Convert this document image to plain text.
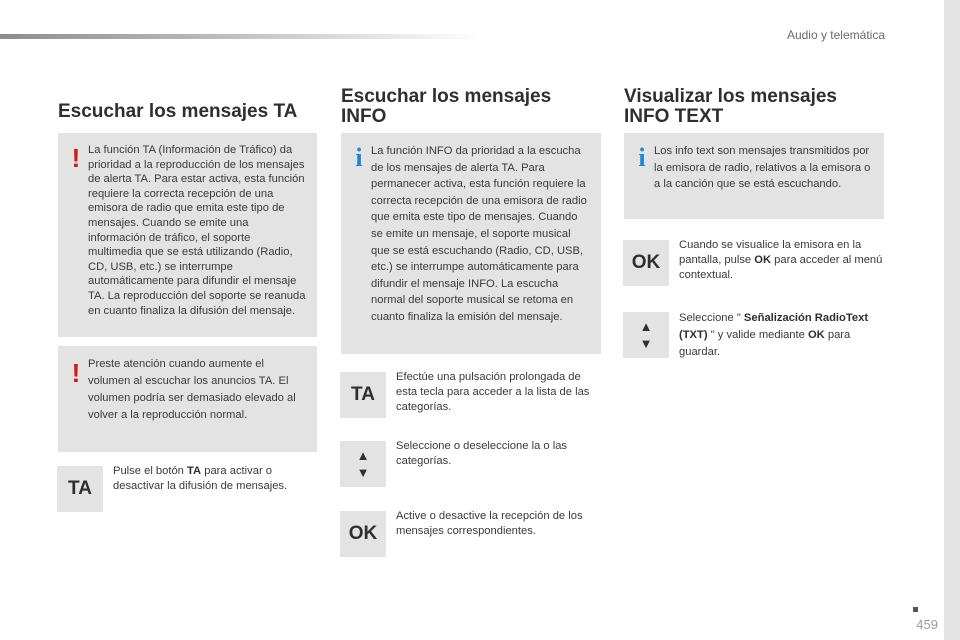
Audio y telemática
Escuchar los mensajes TA
! La función TA (Información de Tráfico) da prioridad a la reproducción de los mensajes de alerta TA. Para estar activa, esta función requiere la correcta recepción de una emisora de radio que emita este tipo de mensajes. Cuando se emite una información de tráfico, el soporte multimedia que se está utilizando (Radio, CD, USB, etc.) se interrumpe automáticamente para difundir el mensaje TA. La reproducción del soporte se reanuda en cuanto finaliza la difusión del mensaje.
! Preste atención cuando aumente el volumen al escuchar los anuncios TA. El volumen podría ser demasiado elevado al volver a la reproducción normal.
TA
Pulse el botón TA para activar o desactivar la difusión de mensajes.
Escuchar los mensajes
INFO
i La función INFO da prioridad a la escucha de los mensajes de alerta TA. Para permanecer activa, esta función requiere la correcta recepción de una emisora de radio que emita este tipo de mensajes. Cuando se emite un mensaje, el soporte musical que se está escuchando (Radio, CD, USB, etc.) se interrumpe automáticamente para difundir el mensaje INFO. La escucha normal del soporte musical se retoma en cuanto finaliza la emisión del mensaje.
TA
Efectúe una pulsación prolongada de esta tecla para acceder a la lista de las categorías.
▲
▼
Seleccione o deseleccione la o las categorías.
OK
Active o desactive la recepción de los mensajes correspondientes.
Visualizar los mensajes
INFO TEXT
i Los info text son mensajes transmitidos por la emisora de radio, relativos a la emisora o a la canción que se está escuchando.
OK
Cuando se visualice la emisora en la pantalla, pulse OK para acceder al menú contextual.
▲
▼
Seleccione " Señalización RadioText (TXT) " y valide mediante OK para guardar.
459
